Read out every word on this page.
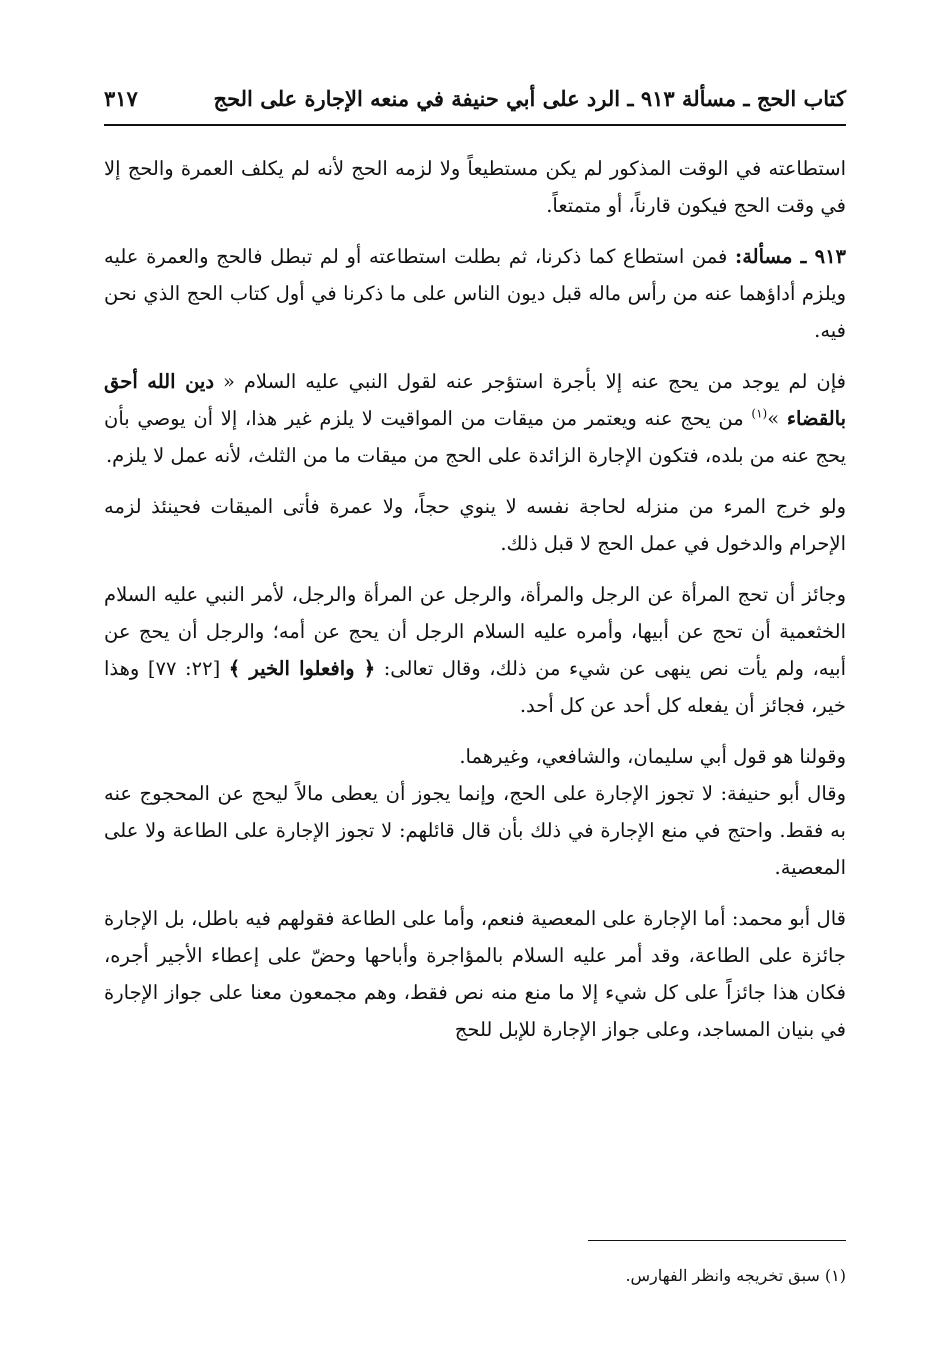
كتاب الحج ـ مسألة ٩١٣ ـ الرد على أبي حنيفة في منعه الإجارة على الحج
٣١٧

استطاعته في الوقت المذكور لم يكن مستطيعاً ولا لزمه الحج لأنه لم يكلف العمرة والحج إلا في وقت الحج فيكون قارناً، أو متمتعاً.

٩١٣ ـ مسألة: فمن استطاع كما ذكرنا، ثم بطلت استطاعته أو لم تبطل فالحج والعمرة عليه ويلزم أداؤهما عنه من رأس ماله قبل ديون الناس على ما ذكرنا في أول كتاب الحج الذي نحن فيه.

فإن لم يوجد من يحج عنه إلا بأجرة استؤجر عنه لقول النبي عليه السلام « دين الله أحق بالقضاء »$^{(١)}$ من يحج عنه ويعتمر من ميقات من المواقيت لا يلزم غير هذا، إلا أن يوصي بأن يحج عنه من بلده، فتكون الإجارة الزائدة على الحج من ميقات ما من الثلث، لأنه عمل لا يلزم.

ولو خرج المرء من منزله لحاجة نفسه لا ينوي حجاً، ولا عمرة فأتى الميقات فحينئذ لزمه الإحرام والدخول في عمل الحج لا قبل ذلك.

وجائز أن تحج المرأة عن الرجل والمرأة، والرجل عن المرأة والرجل، لأمر النبي عليه السلام الخثعمية أن تحج عن أبيها، وأمره عليه السلام الرجل أن يحج عن أمه؛ والرجل أن يحج عن أبيه، ولم يأت نص ينهى عن شيء من ذلك، وقال تعالى: ﴿ وافعلوا الخير ﴾ [٢٢: ٧٧] وهذا خير، فجائز أن يفعله كل أحد عن كل أحد.

وقولنا هو قول أبي سليمان، والشافعي، وغيرهما.

وقال أبو حنيفة: لا تجوز الإجارة على الحج، وإنما يجوز أن يعطى مالاً ليحج عن المحجوج عنه به فقط. واحتج في منع الإجارة في ذلك بأن قال قائلهم: لا تجوز الإجارة على الطاعة ولا على المعصية.

قال أبو محمد: أما الإجارة على المعصية فنعم، وأما على الطاعة فقولهم فيه باطل، بل الإجارة جائزة على الطاعة، وقد أمر عليه السلام بالمؤاجرة وأباحها وحضّ على إعطاء الأجير أجره، فكان هذا جائزاً على كل شيء إلا ما منع منه نص فقط، وهم مجمعون معنا على جواز الإجارة في بنيان المساجد، وعلى جواز الإجارة للإبل للحج

(١) سبق تخريجه وانظر الفهارس.
